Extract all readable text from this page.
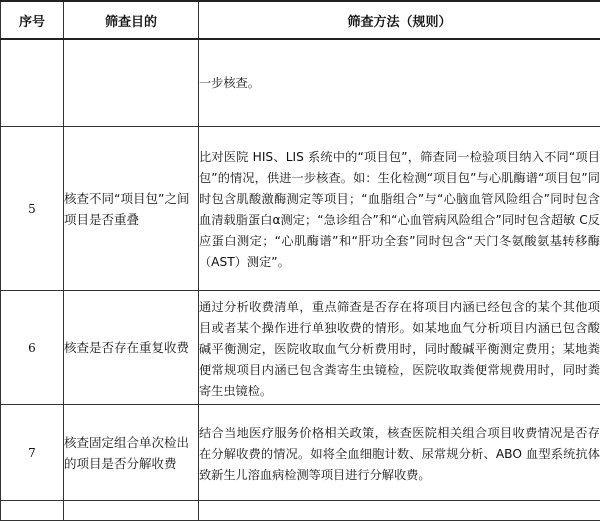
序号	筛查目的	筛查方法（规则）

		一步核查。

5	核查不同“项目包”之间项目是否重叠	比对医院 HIS、LIS 系统中的“项目包”，筛查同一检验项目纳入不同“项目包”的情况，供进一步核查。如：生化检测“项目包”与心肌酶谱“项目包”同时包含肌酸激酶测定等项目；“血脂组合”与“心脑血管风险组合”同时包含血清载脂蛋白α测定；“急诊组合”和“心血管病风险组合”同时包含超敏 C反应蛋白测定；“心肌酶谱”和“肝功全套”同时包含“天门冬氨酸氨基转移酶（AST）测定”。

6	核查是否存在重复收费	通过分析收费清单，重点筛查是否存在将项目内涵已经包含的某个其他项目或者某个操作进行单独收费的情形。如某地血气分析项目内涵已包含酸碱平衡测定，医院收取血气分析费用时，同时酸碱平衡测定费用；某地粪便常规项目内涵已包含粪寄生虫镜检，医院收取粪便常规费用时，同时粪寄生虫镜检。

7	核查固定组合单次检出的项目是否分解收费	结合当地医疗服务价格相关政策，核查医院相关组合项目收费情况是否存在分解收费的情况。如将全血细胞计数、尿常规分析、ABO 血型系统抗体致新生儿溶血病检测等项目进行分解收费。
